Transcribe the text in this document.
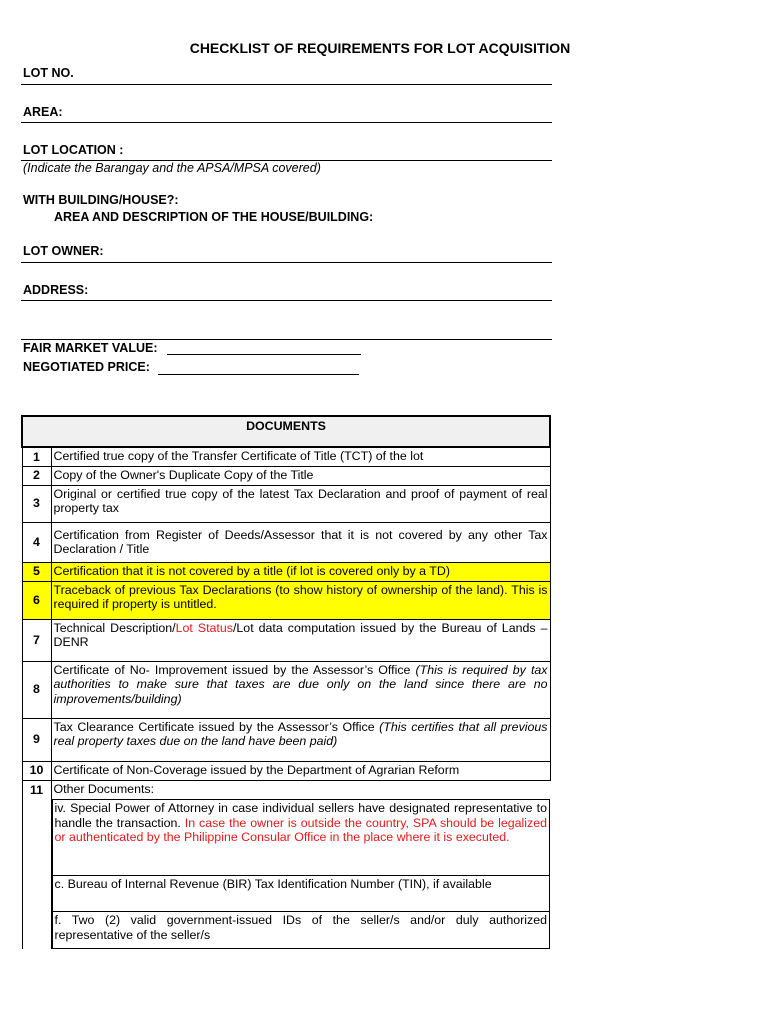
CHECKLIST OF REQUIREMENTS FOR LOT ACQUISITION
LOT NO.
AREA:
LOT LOCATION :
(Indicate the Barangay and the APSA/MPSA covered)
WITH BUILDING/HOUSE?:
AREA AND DESCRIPTION OF THE HOUSE/BUILDING:
LOT OWNER:
ADDRESS:
FAIR MARKET VALUE:
NEGOTIATED PRICE:
DOCUMENTS	
1	Certified true copy of the Transfer Certificate of Title (TCT) of the lot
2	Copy of the Owner's Duplicate Copy of the Title
3	Original or certified true copy of the latest Tax Declaration and proof of payment of real property tax
4	Certification from Register of Deeds/Assessor that it is not covered by any other Tax Declaration / Title
5	Certification that it is not covered by a title (if lot is covered only by a TD)
6	Traceback of previous Tax Declarations (to show history of ownership of the land). This is required if property is untitled.
7	Technical Description/Lot Status/Lot data computation issued by the Bureau of Lands – DENR
8	Certificate of No- Improvement issued by the Assessor’s Office (This is required by tax authorities to make sure that taxes are due only on the land since there are no improvements/building)
9	Tax Clearance Certificate issued by the Assessor’s Office (This certifies that all previous real property taxes due on the land have been paid)
10	Certificate of Non-Coverage issued by the Department of Agrarian Reform
11	Other Documents:

	iv. Special Power of Attorney in case individual sellers have designated representative to handle the transaction. In case the owner is outside the country, SPA should be legalized or authenticated by the Philippine Consular Office in the place where it is executed.
c. Bureau of Internal Revenue (BIR) Tax Identification Number (TIN), if available
f. Two (2) valid government-issued IDs of the seller/s and/or duly authorized representative of the seller/s
